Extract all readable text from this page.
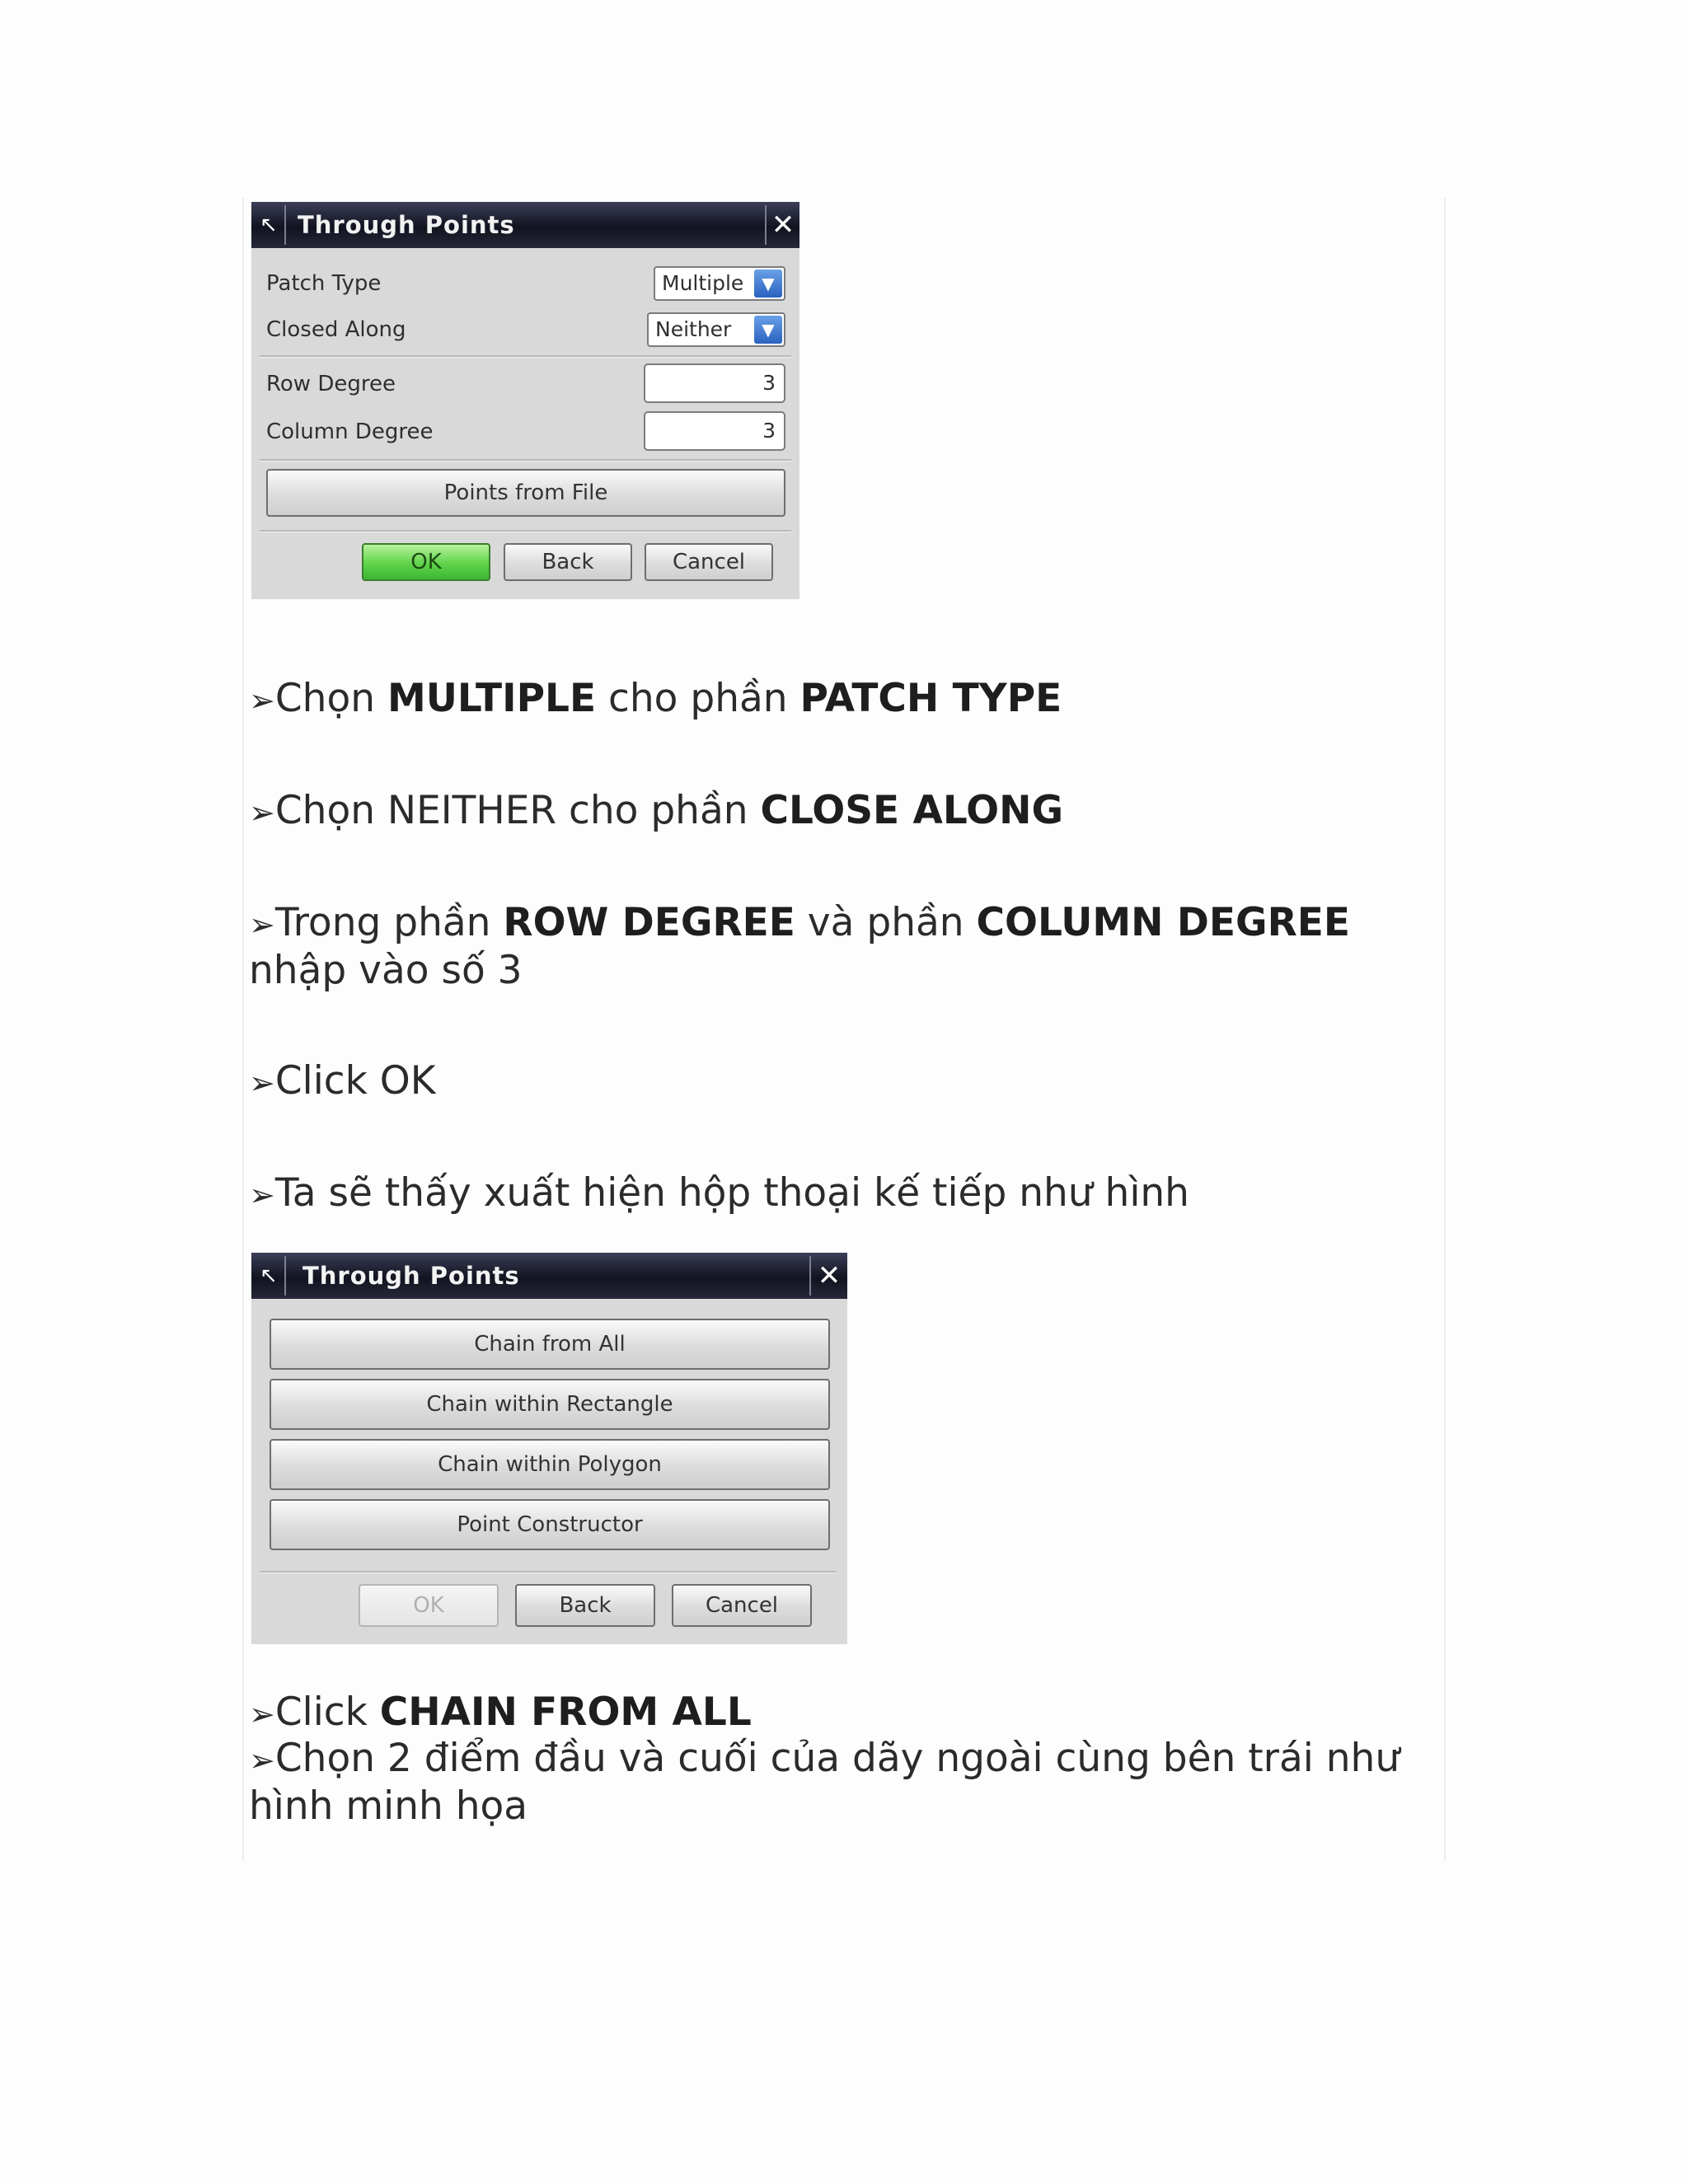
↖ Through Points	✕
Patch Type	Multiple	▼
Closed Along	Neither	▼
Row Degree	3
Column Degree	3
Points from File
OK	Back	Cancel
➢Chọn MULTIPLE cho phần PATCH TYPE
➢Chọn NEITHER cho phần CLOSE ALONG
➢Trong phần ROW DEGREE và phần COLUMN DEGREE nhập vào số 3
➢Click OK
➢Ta sẽ thấy xuất hiện hộp thoại kế tiếp như hình
↖	Through Points	✕
Chain from All
Chain within Rectangle
Chain within Polygon
Point Constructor
OK	Back	Cancel
➢Click CHAIN FROM ALL
➢Chọn 2 điểm đầu và cuối của dãy ngoài cùng bên trái như hình minh họa
